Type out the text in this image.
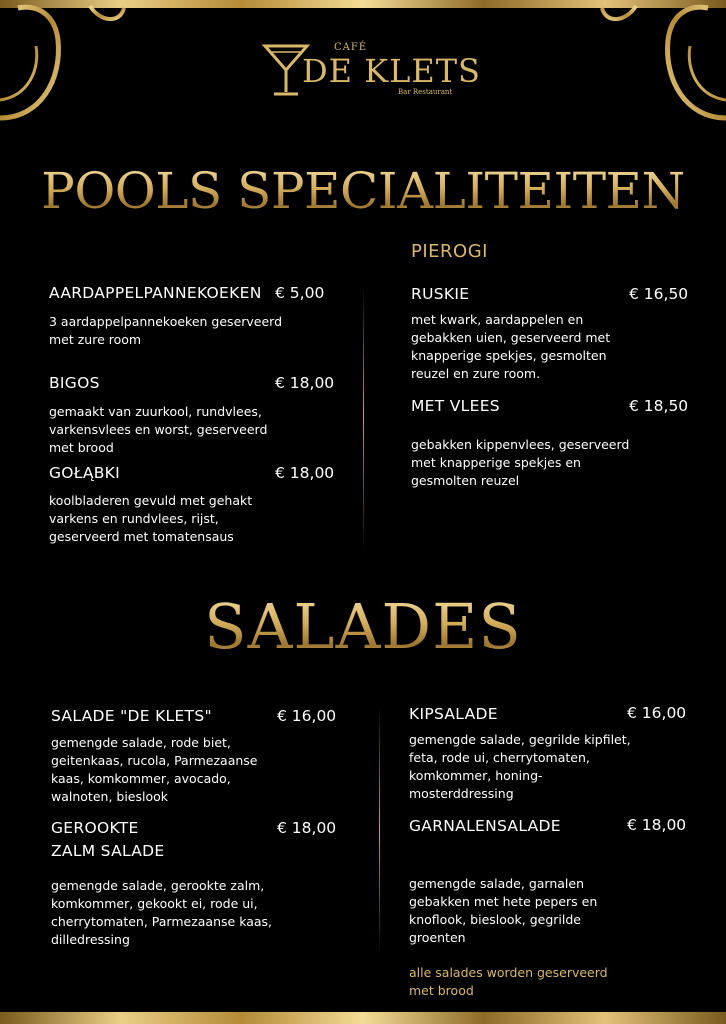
CAFÉ
DE KLETS
Bar Restaurant
POOLS SPECIALITEITEN
PIEROGI
AARDAPPELPANNEKOEKEN € 5,00
3 aardappelpannekoeken geserveerd met zure room
BIGOS	€ 18,00
gemaakt van zuurkool, rundvlees, varkensvlees en worst, geserveerd met brood
GOŁĄBKI	€ 18,00
koolbladeren gevuld met gehakt varkens en rundvlees, rijst, geserveerd met tomatensaus
RUSKIE	€ 16,50
met kwark, aardappelen en gebakken uien, geserveerd met knapperige spekjes, gesmolten reuzel en zure room.
MET VLEES	€ 18,50
gebakken kippenvlees, geserveerd met knapperige spekjes en gesmolten reuzel
SALADES
SALADE "DE KLETS"	€ 16,00
gemengde salade, rode biet, geitenkaas, rucola, Parmezaanse kaas, komkommer, avocado, walnoten, bieslook
GEROOKTE
ZALM SALADE
€ 18,00
gemengde salade, gerookte zalm, komkommer, gekookt ei, rode ui, cherrytomaten, Parmezaanse kaas, dilledressing
KIPSALADE	€ 16,00
gemengde salade, gegrilde kipfilet, feta, rode ui, cherrytomaten, komkommer, honing-mosterddressing
GARNALENSALADE	€ 18,00
gemengde salade, garnalen gebakken met hete pepers en knoflook, bieslook, gegrilde groenten
alle salades worden geserveerd met brood
